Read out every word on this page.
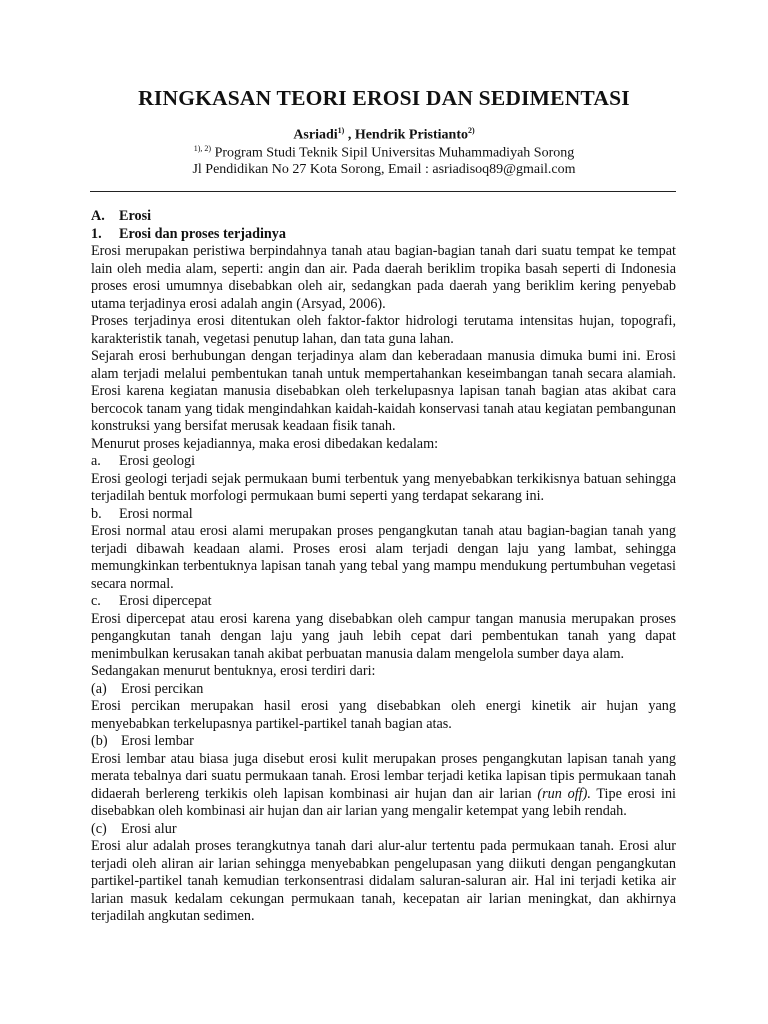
RINGKASAN TEORI EROSI DAN SEDIMENTASI
Asriadi$^{1)}$ , Hendrik Pristianto$^{2)}$
$^{1), 2)}$ Program Studi Teknik Sipil Universitas Muhammadiyah Sorong
Jl Pendidikan No 27 Kota Sorong, Email : asriadisoq89@gmail.com
A. Erosi
1. Erosi dan proses terjadinya

Erosi merupakan peristiwa berpindahnya tanah atau bagian-bagian tanah dari suatu tempat ke tempat lain oleh media alam, seperti: angin dan air. Pada daerah beriklim tropika basah seperti di Indonesia proses erosi umumnya disebabkan oleh air, sedangkan pada daerah yang beriklim kering penyebab utama terjadinya erosi adalah angin (Arsyad, 2006).

Proses terjadinya erosi ditentukan oleh faktor-faktor hidrologi terutama intensitas hujan, topografi, karakteristik tanah, vegetasi penutup lahan, dan tata guna lahan.

Sejarah erosi berhubungan dengan terjadinya alam dan keberadaan manusia dimuka bumi ini. Erosi alam terjadi melalui pembentukan tanah untuk mempertahankan keseimbangan tanah secara alamiah. Erosi karena kegiatan manusia disebabkan oleh terkelupasnya lapisan tanah bagian atas akibat cara bercocok tanam yang tidak mengindahkan kaidah-kaidah konservasi tanah atau kegiatan pembangunan konstruksi yang bersifat merusak keadaan fisik tanah.

Menurut proses kejadiannya, maka erosi dibedakan kedalam:

a. Erosi geologi

Erosi geologi terjadi sejak permukaan bumi terbentuk yang menyebabkan terkikisnya batuan sehingga terjadilah bentuk morfologi permukaan bumi seperti yang terdapat sekarang ini.

b. Erosi normal

Erosi normal atau erosi alami merupakan proses pengangkutan tanah atau bagian-bagian tanah yang terjadi dibawah keadaan alami. Proses erosi alam terjadi dengan laju yang lambat, sehingga memungkinkan terbentuknya lapisan tanah yang tebal yang mampu mendukung pertumbuhan vegetasi secara normal.

c. Erosi dipercepat

Erosi dipercepat atau erosi karena yang disebabkan oleh campur tangan manusia merupakan proses pengangkutan tanah dengan laju yang jauh lebih cepat dari pembentukan tanah yang dapat menimbulkan kerusakan tanah akibat perbuatan manusia dalam mengelola sumber daya alam.

Sedangakan menurut bentuknya, erosi terdiri dari:

(a) Erosi percikan

Erosi percikan merupakan hasil erosi yang disebabkan oleh energi kinetik air hujan yang menyebabkan terkelupasnya partikel-partikel tanah bagian atas.

(b) Erosi lembar

Erosi lembar atau biasa juga disebut erosi kulit merupakan proses pengangkutan lapisan tanah yang merata tebalnya dari suatu permukaan tanah. Erosi lembar terjadi ketika lapisan tipis permukaan tanah didaerah berlereng terkikis oleh lapisan kombinasi air hujan dan air larian (run off). Tipe erosi ini disebabkan oleh kombinasi air hujan dan air larian yang mengalir ketempat yang lebih rendah.

(c) Erosi alur

Erosi alur adalah proses terangkutnya tanah dari alur-alur tertentu pada permukaan tanah. Erosi alur terjadi oleh aliran air larian sehingga menyebabkan pengelupasan yang diikuti dengan pengangkutan partikel-partikel tanah kemudian terkonsentrasi didalam saluran-saluran air. Hal ini terjadi ketika air larian masuk kedalam cekungan permukaan tanah, kecepatan air larian meningkat, dan akhirnya terjadilah angkutan sedimen.
